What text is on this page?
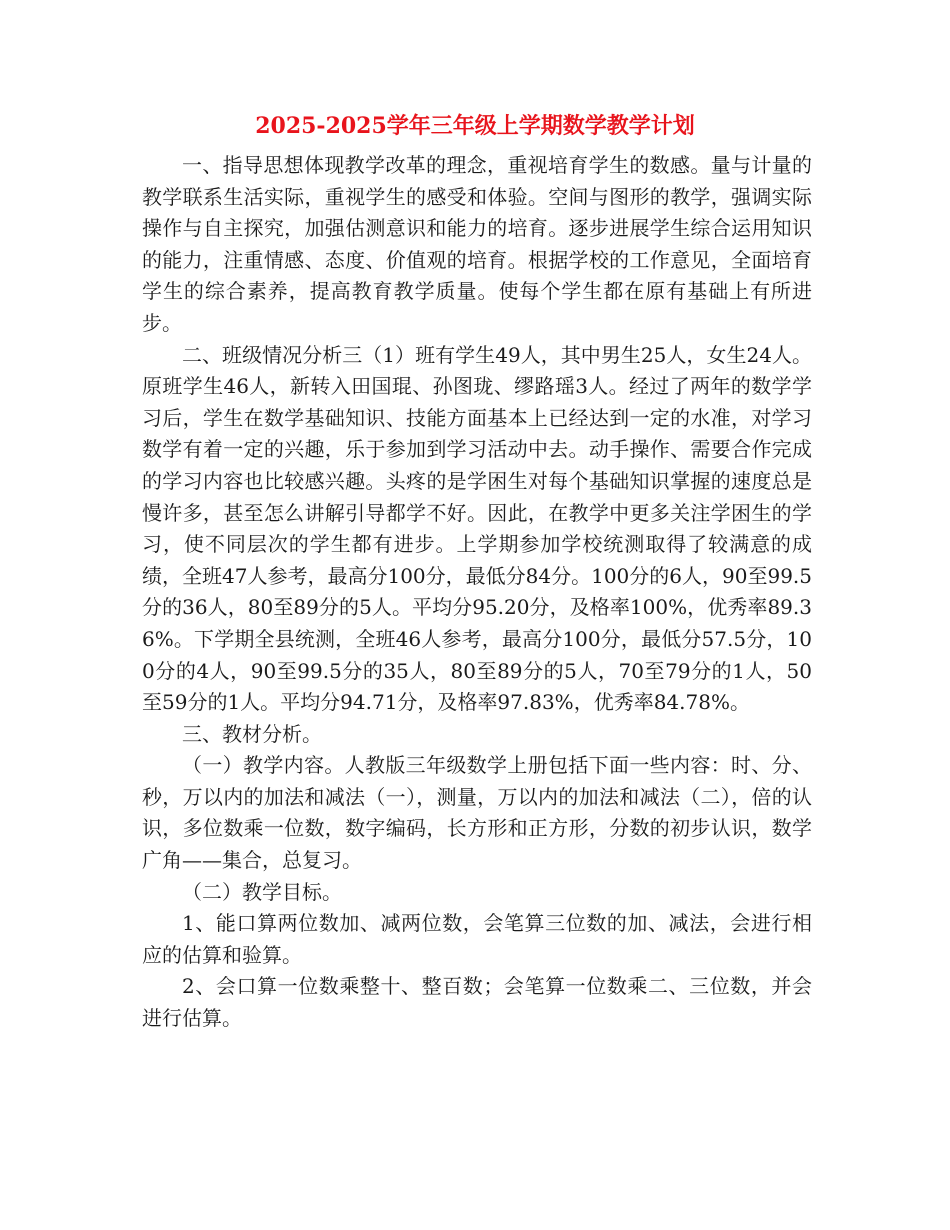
2025-2025学年三年级上学期数学教学计划

一、指导思想体现教学改革的理念，重视培育学生的数感。量与计量的教学联系生活实际，重视学生的感受和体验。空间与图形的教学，强调实际操作与自主探究，加强估测意识和能力的培育。逐步进展学生综合运用知识的能力，注重情感、态度、价值观的培育。根据学校的工作意见，全面培育学生的综合素养，提高教育教学质量。使每个学生都在原有基础上有所进步。

二、班级情况分析三（1）班有学生49人，其中男生25人，女生24人。原班学生46人，新转入田国琨、孙图珑、缪路瑶3人。经过了两年的数学学习后，学生在数学基础知识、技能方面基本上已经达到一定的水准，对学习数学有着一定的兴趣，乐于参加到学习活动中去。动手操作、需要合作完成的学习内容也比较感兴趣。头疼的是学困生对每个基础知识掌握的速度总是慢许多，甚至怎么讲解引导都学不好。因此，在教学中更多关注学困生的学习，使不同层次的学生都有进步。上学期参加学校统测取得了较满意的成绩，全班47人参考，最高分100分，最低分84分。100分的6人，90至99.5分的36人，80至89分的5人。平均分95.20分，及格率100%，优秀率89.36%。下学期全县统测，全班46人参考，最高分100分，最低分57.5分，100分的4人，90至99.5分的35人，80至89分的5人，70至79分的1人，50至59分的1人。平均分94.71分，及格率97.83%，优秀率84.78%。

三、教材分析。

（一）教学内容。人教版三年级数学上册包括下面一些内容：时、分、秒，万以内的加法和减法（一），测量，万以内的加法和减法（二），倍的认识，多位数乘一位数，数字编码，长方形和正方形，分数的初步认识，数学广角——集合，总复习。

（二）教学目标。

1、能口算两位数加、减两位数，会笔算三位数的加、减法，会进行相应的估算和验算。

2、会口算一位数乘整十、整百数；会笔算一位数乘二、三位数，并会进行估算。
